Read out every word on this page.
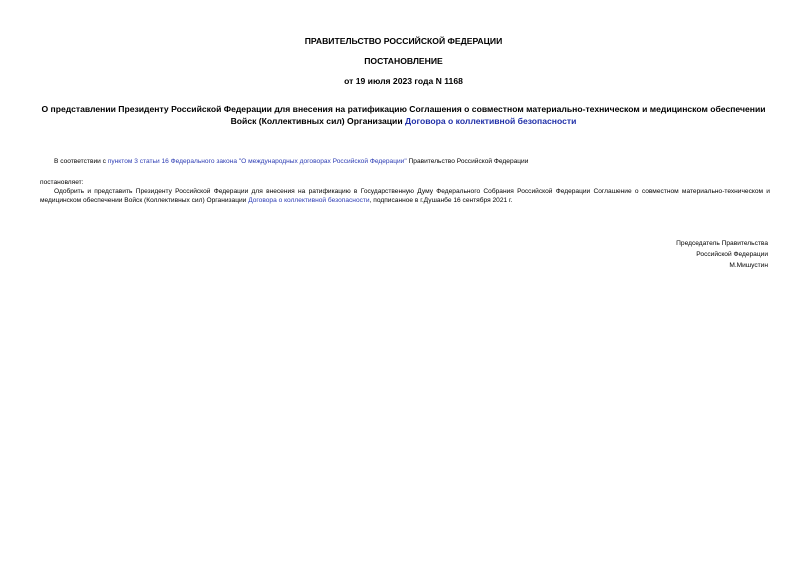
ПРАВИТЕЛЬСТВО РОССИЙСКОЙ ФЕДЕРАЦИИ
ПОСТАНОВЛЕНИЕ
от 19 июля 2023 года N 1168
О представлении Президенту Российской Федерации для внесения на ратификацию Соглашения о совместном материально-техническом и медицинском обеспечении Войск (Коллективных сил) Организации Договора о коллективной безопасности
В соответствии с пунктом 3 статьи 16 Федерального закона "О международных договорах Российской Федерации" Правительство Российской Федерации
постановляет:
Одобрить и представить Президенту Российской Федерации для внесения на ратификацию в Государственную Думу Федерального Собрания Российской Федерации Соглашение о совместном материально-техническом и медицинском обеспечении Войск (Коллективных сил) Организации Договора о коллективной безопасности, подписанное в г.Душанбе 16 сентября 2021 г.
Председатель Правительства
Российской Федерации
М.Мишустин
